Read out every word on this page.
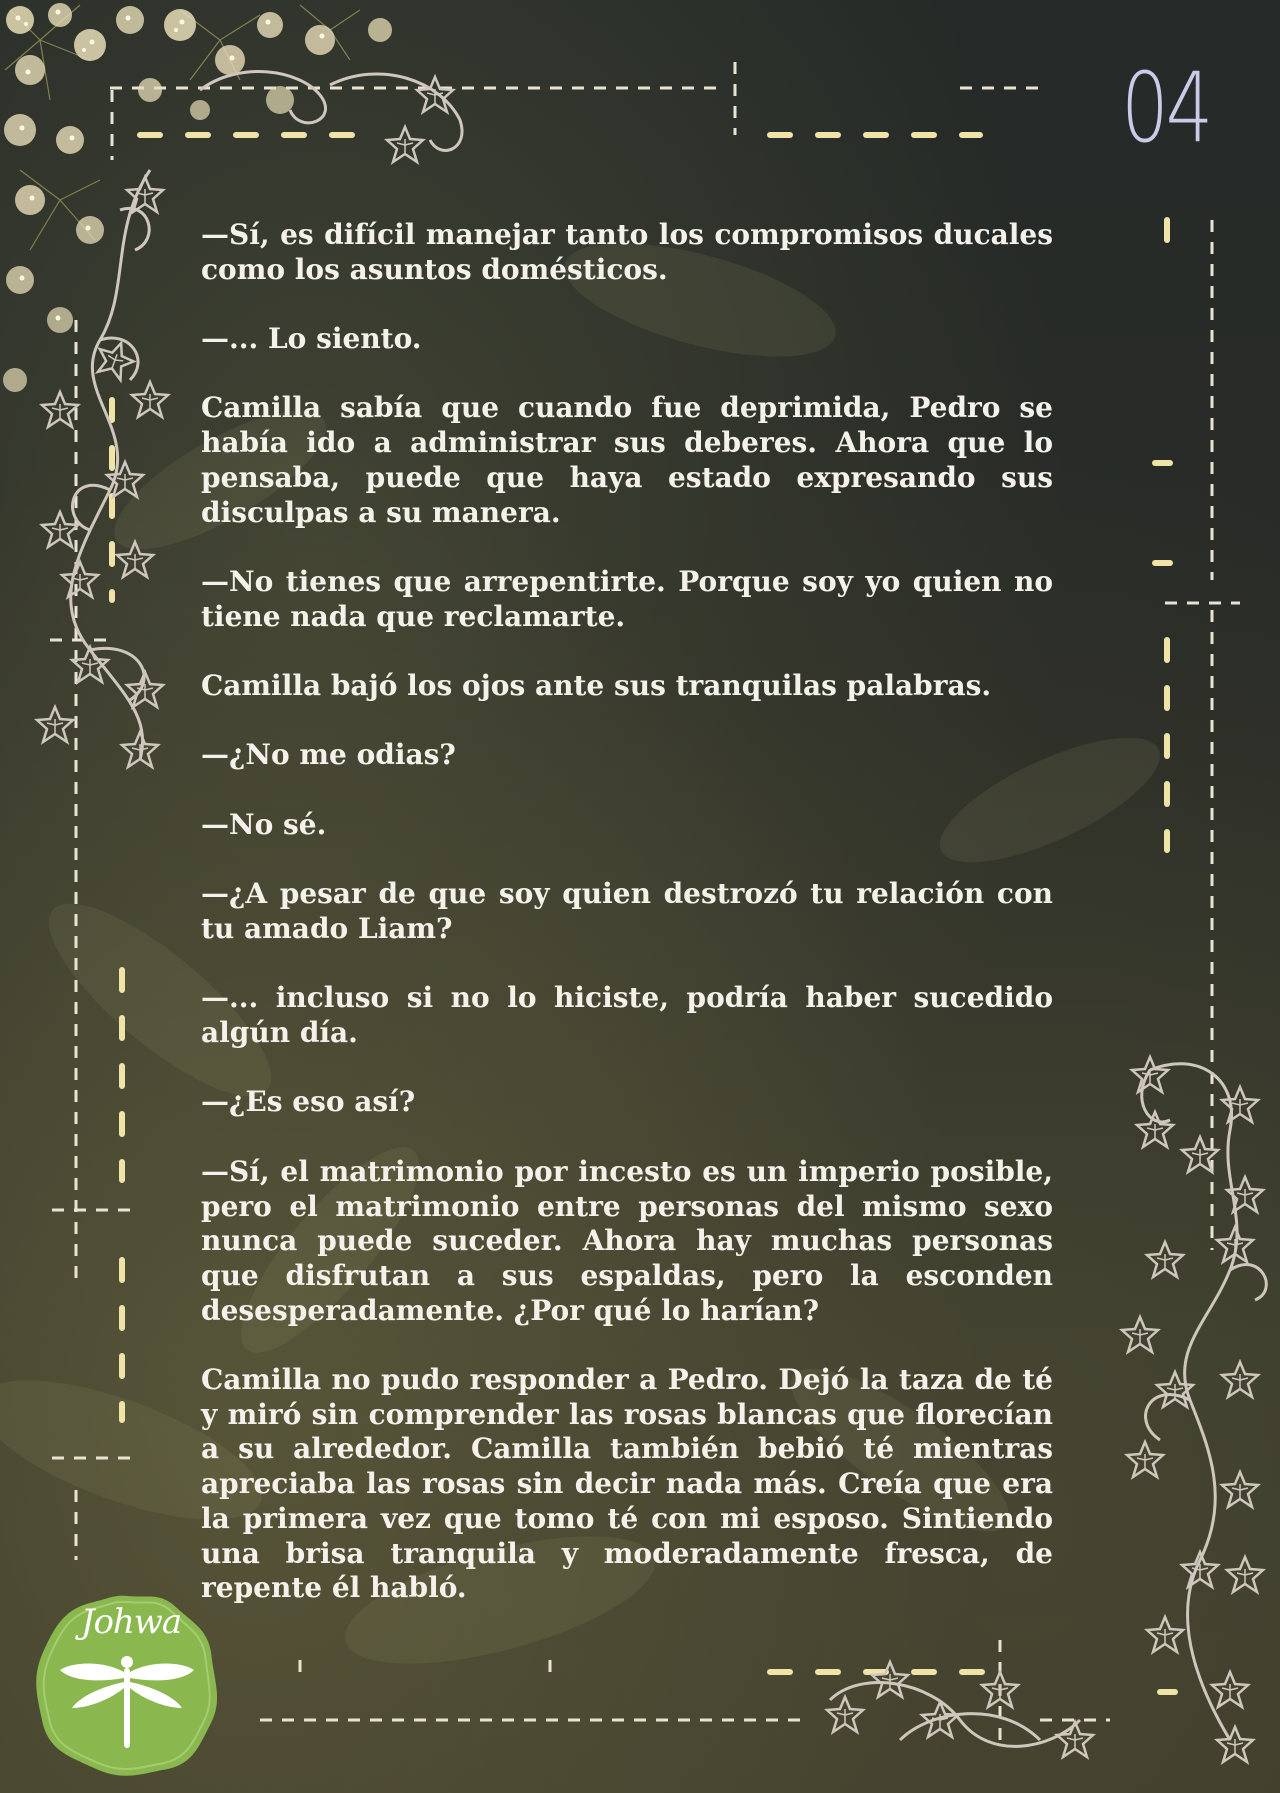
04

—Sí, es difícil manejar tanto los compromisos ducales como los asuntos domésticos.

—... Lo siento.

Camilla sabía que cuando fue deprimida, Pedro se había ido a administrar sus deberes. Ahora que lo pensaba, puede que haya estado expresando sus disculpas a su manera.

—No tienes que arrepentirte. Porque soy yo quien no tiene nada que reclamarte.

Camilla bajó los ojos ante sus tranquilas palabras.

—¿No me odias?

—No sé.

—¿A pesar de que soy quien destrozó tu relación con tu amado Liam?

—... incluso si no lo hiciste, podría haber sucedido algún día.

—¿Es eso así?

—Sí, el matrimonio por incesto es un imperio posible, pero el matrimonio entre personas del mismo sexo nunca puede suceder. Ahora hay muchas personas que disfrutan a sus espaldas, pero la esconden desesperadamente. ¿Por qué lo harían?

Camilla no pudo responder a Pedro. Dejó la taza de té y miró sin comprender las rosas blancas que florecían a su alrededor. Camilla también bebió té mientras apreciaba las rosas sin decir nada más. Creía que era la primera vez que tomo té con mi esposo. Sintiendo una brisa tranquila y moderadamente fresca, de repente él habló.

Johwa
